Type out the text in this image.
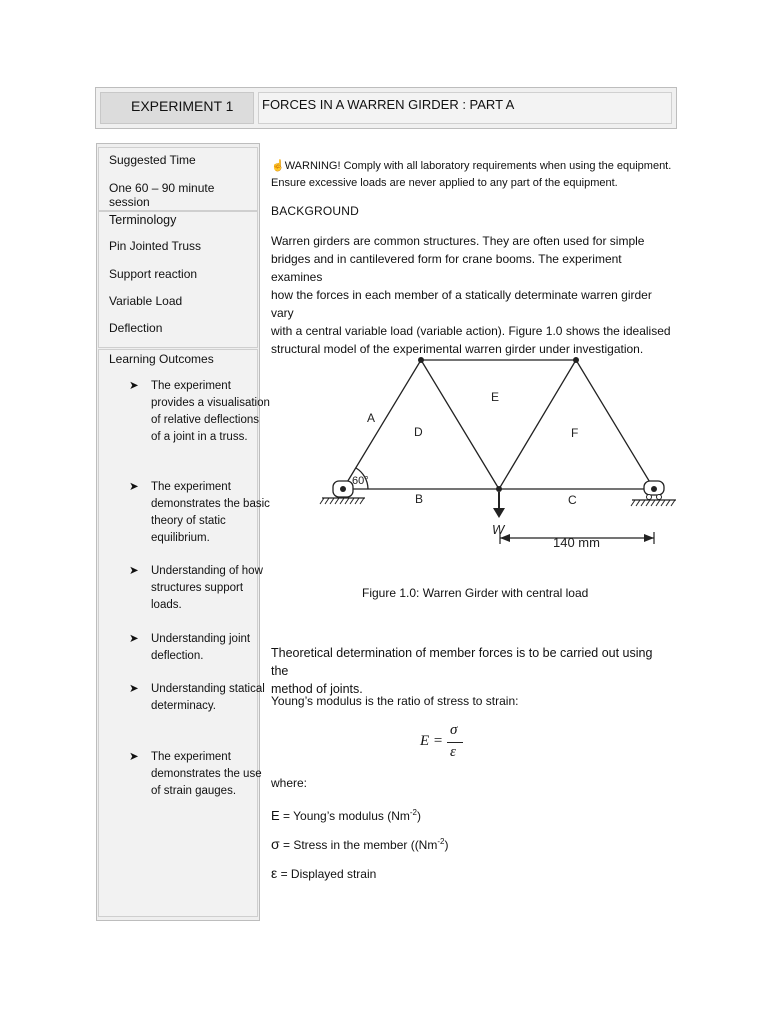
EXPERIMENT 1 FORCES IN A WARREN GIRDER : PART A
Suggested Time
One 60 – 90 minute session
Terminology
Pin Jointed Truss
Support reaction
Variable Load
Deflection
Learning Outcomes
➤ The experiment provides a visualisation of relative deflections of a joint in a truss.
➤ The experiment demonstrates the basic theory of static equilibrium.
➤ Understanding of how structures support loads.
➤ Understanding joint deflection.
➤ Understanding statical determinacy.
➤ The experiment demonstrates the use of strain gauges.
☝WARNING! Comply with all laboratory requirements when using the equipment.
Ensure excessive loads are never applied to any part of the equipment.
BACKGROUND
Warren girders are common structures. They are often used for simple
bridges and in cantilevered form for crane booms. The experiment examines
how the forces in each member of a statically determinate warren girder vary
with a central variable load (variable action). Figure 1.0 shows the idealised
structural model of the experimental warren girder under investigation.
A
D
E
F
B	C
60°
W
140 mm
Figure 1.0: Warren Girder with central load
Theoretical determination of member forces is to be carried out using the
method of joints.
Young’s modulus is the ratio of stress to strain:
E =
σ
ε
where:
E = Young’s modulus $(Nm^{-2})$
σ = Stress in the member ($(Nm^{-2})$
ε = Displayed strain
